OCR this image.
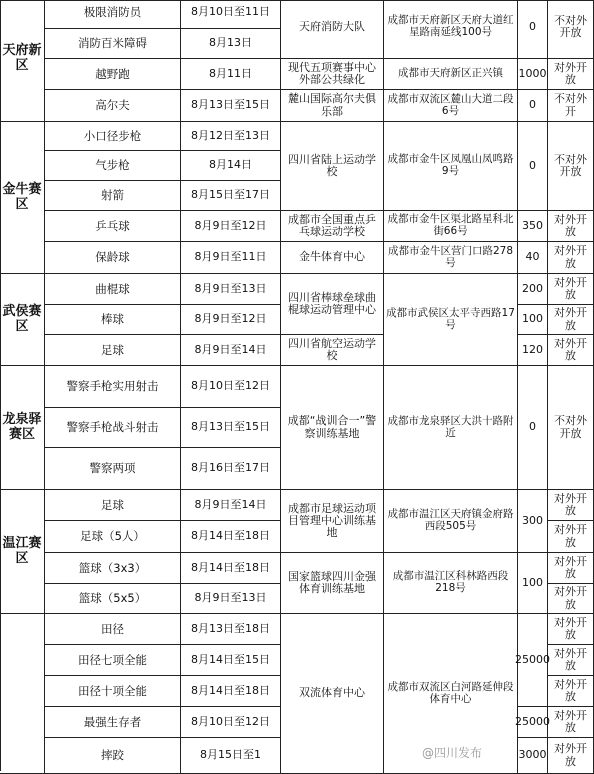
天府新区
金牛赛区
武侯赛区
龙泉驿赛区
温江赛区
极限消防员
消防百米障碍
越野跑
高尔夫
小口径步枪
气步枪
射箭
乒乓球
保龄球
曲棍球
棒球
足球
警察手枪实用射击
警察手枪战斗射击
警察两项
足球
足球（5人）
篮球（3x3）
篮球（5x5）
田径
田径七项全能
田径十项全能
最强生存者
摔跤
8月10日至11日
8月13日
8月11日
8月13日至15日
8月12日至13日
8月14日
8月15日至17日
8月9日至12日
8月9日至11日
8月9日至13日
8月9日至12日
8月9日至14日
8月10日至12日
8月13日至15日
8月16日至17日
8月9日至14日
8月14日至18日
8月14日至18日
8月9日至13日
8月13日至18日
8月14日至15日
8月14日至18日
8月10日至12日
8月15日至1
天府消防大队
现代五项赛事中心外部公共绿化
麓山国际高尔夫俱乐部
四川省陆上运动学校
成都市全国重点乒乓球运动学校
金牛体育中心
四川省棒球垒球曲棍球运动管理中心
四川省航空运动学校
成都“战训合一”警察训练基地
成都市足球运动项目管理中心训练基地
国家篮球四川金强体育训练基地
双流体育中心
成都市天府新区天府大道红星路南延线100号
成都市天府新区正兴镇
成都市双流区麓山大道二段6号
成都市金牛区凤凰山凤鸣路9号
成都市金牛区渠北路星科北街66号
成都市金牛区营门口路278号
成都市武侯区太平寺西路17号
成都市龙泉驿区大洪十路附近
成都市温江区天府镇金府路西段505号
成都市温江区科林路西段218号
成都市双流区白河路延伸段体育中心
0
1000
0
0
350
40
200
100
120
0
300
100
25000
25000
3000
不对外开放
对外开放
不对外开
不对外开放
对外开放
对外开放
对外开放
对外开放
对外开放
不对外开放
对外开放
对外开放
对外开放
对外开放
对外开放
对外开放
对外开放
对外开放
对外开放
@四川发布
